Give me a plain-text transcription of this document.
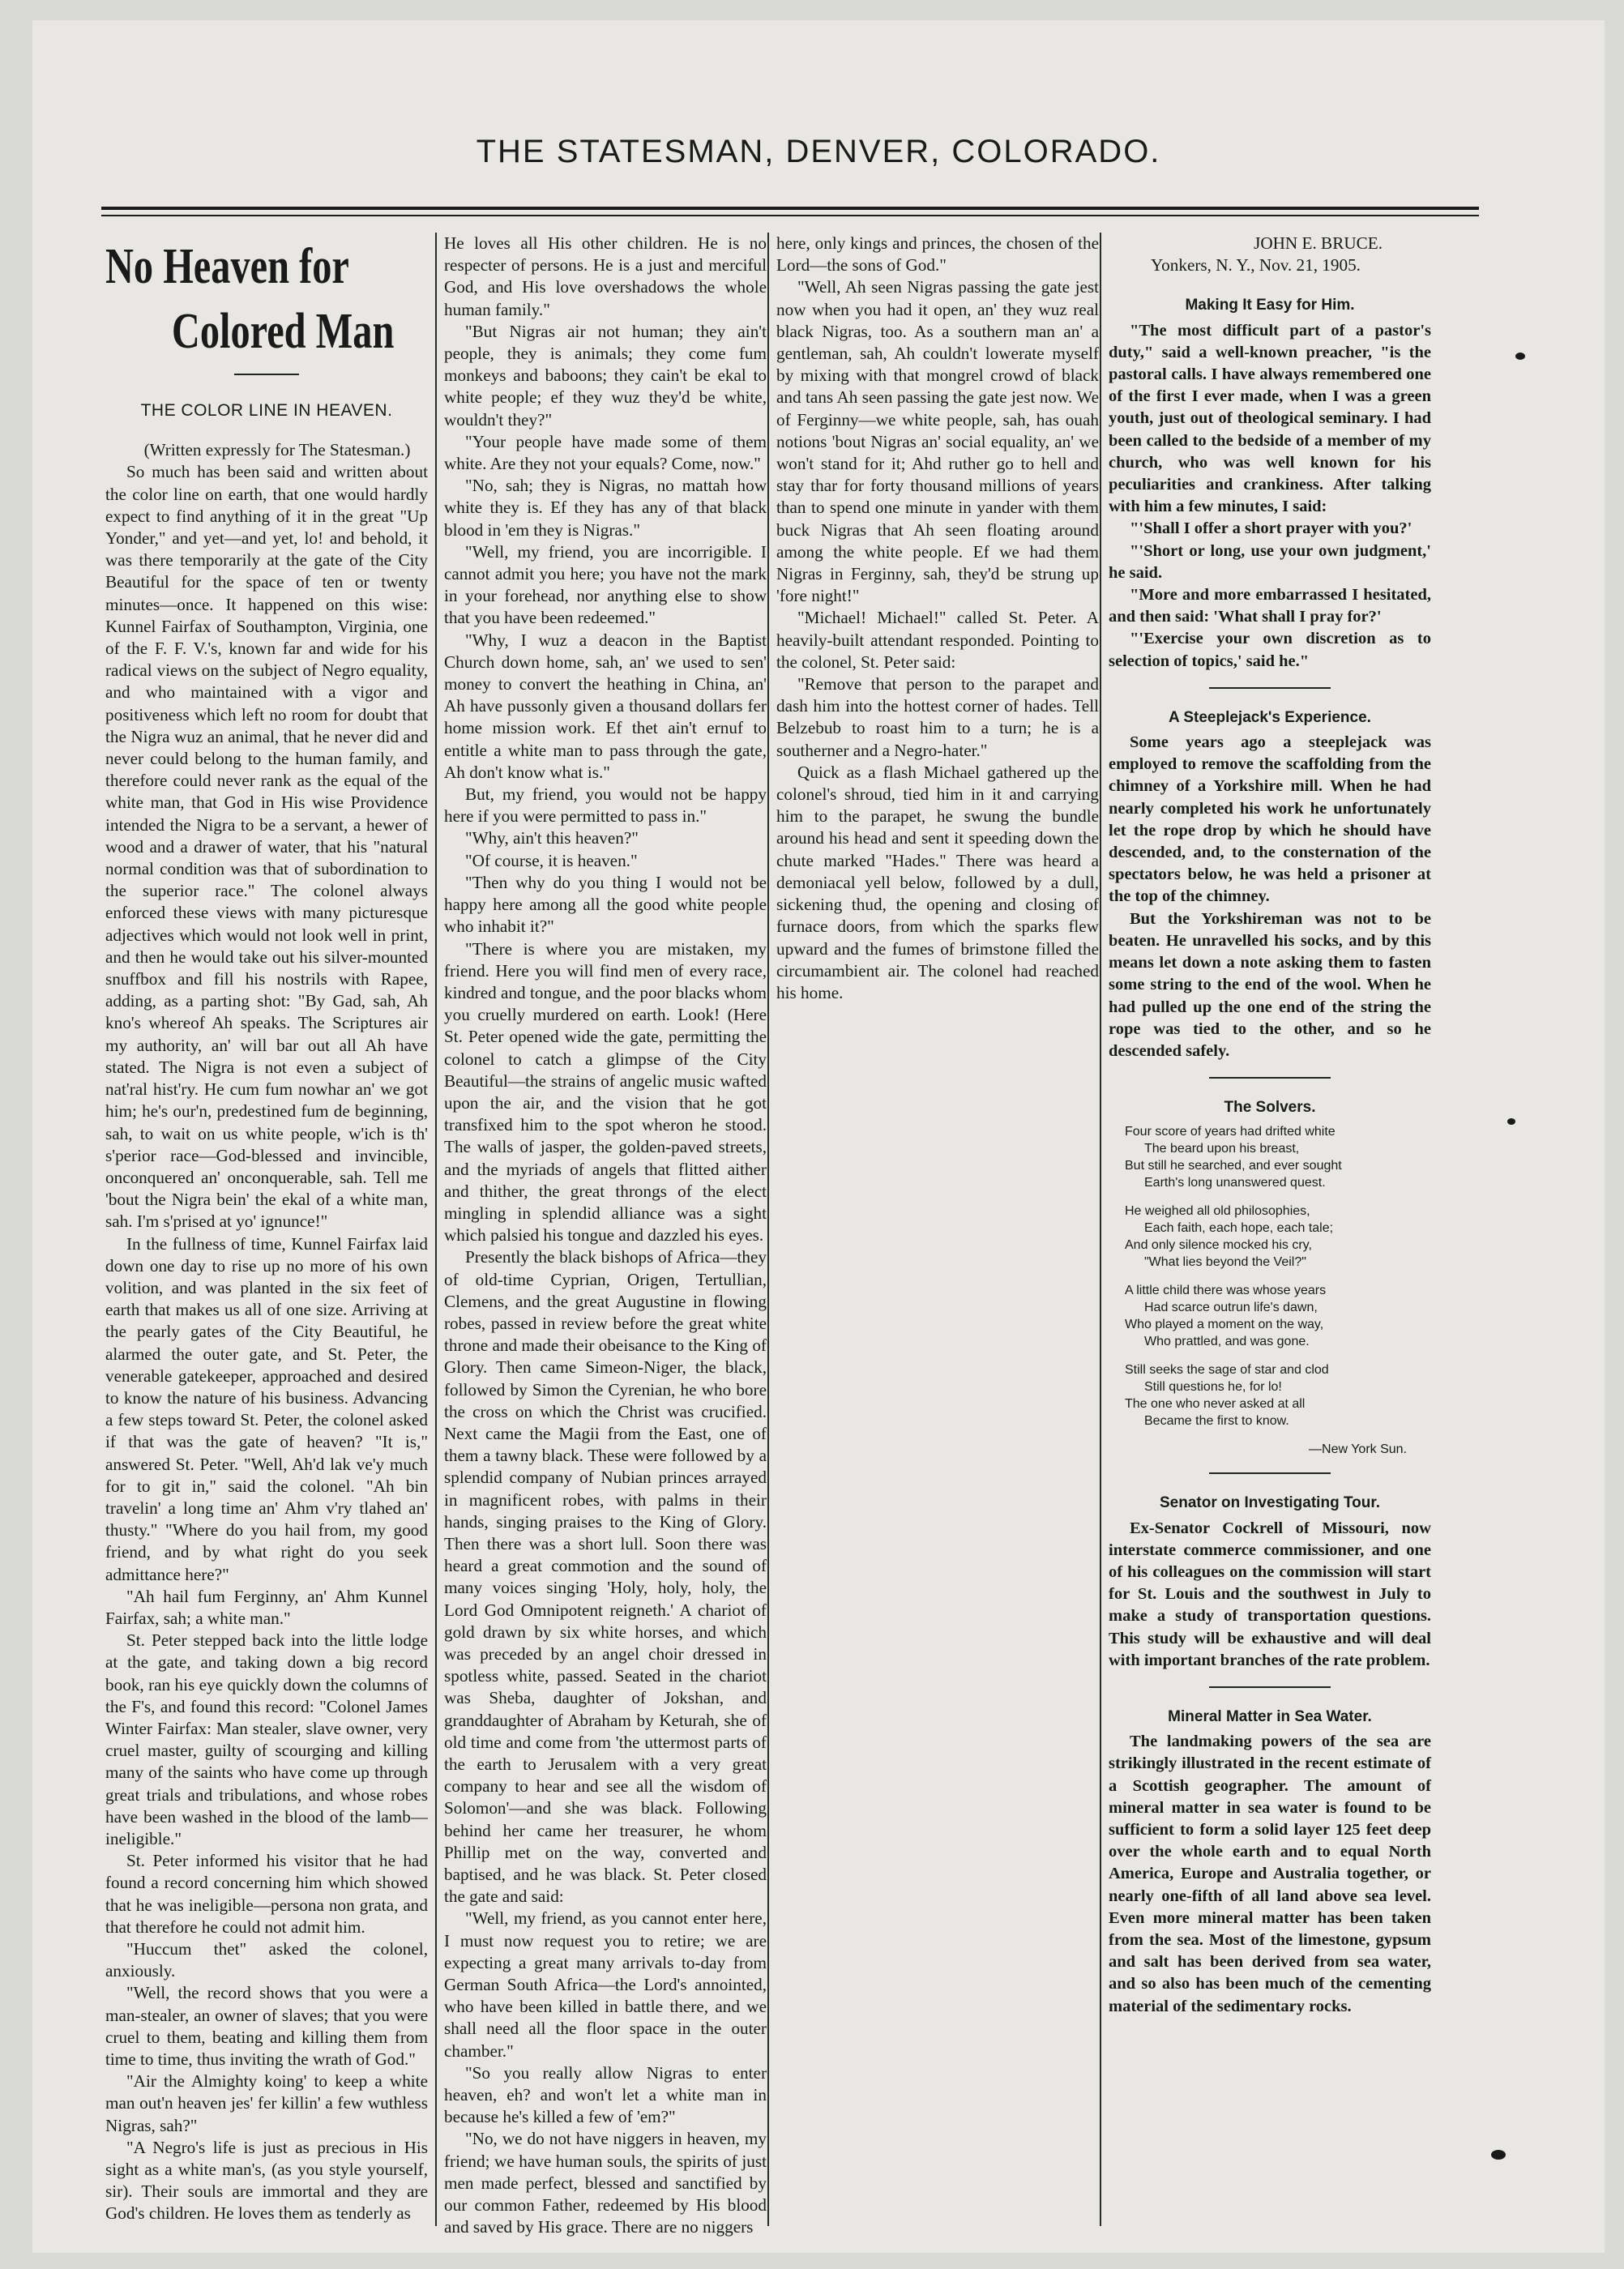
THE STATESMAN, DENVER, COLORADO.
No Heaven for
Colored Man
THE COLOR LINE IN HEAVEN.

(Written expressly for The Statesman.)

So much has been said and written about the color line on earth, that one would hardly expect to find anything of it in the great "Up Yonder," and yet—and yet, lo! and behold, it was there temporarily at the gate of the City Beautiful for the space of ten or twenty minutes—once. It happened on this wise: Kunnel Fairfax of Southampton, Virginia, one of the F. F. V.'s, known far and wide for his radical views on the subject of Negro equality, and who maintained with a vigor and positiveness which left no room for doubt that the Nigra wuz an animal, that he never did and never could belong to the human family, and therefore could never rank as the equal of the white man, that God in His wise Providence intended the Nigra to be a servant, a hewer of wood and a drawer of water, that his "natural normal condition was that of subordination to the superior race." The colonel always enforced these views with many picturesque adjectives which would not look well in print, and then he would take out his silver-mounted snuffbox and fill his nostrils with Rapee, adding, as a parting shot: "By Gad, sah, Ah kno's whereof Ah speaks. The Scriptures air my authority, an' will bar out all Ah have stated. The Nigra is not even a subject of nat'ral hist'ry. He cum fum nowhar an' we got him; he's our'n, predestined fum de beginning, sah, to wait on us white people, w'ich is th' s'perior race—God-blessed and invincible, onconquered an' onconquerable, sah. Tell me 'bout the Nigra bein' the ekal of a white man, sah. I'm s'prised at yo' ignunce!"

In the fullness of time, Kunnel Fairfax laid down one day to rise up no more of his own volition, and was planted in the six feet of earth that makes us all of one size. Arriving at the pearly gates of the City Beautiful, he alarmed the outer gate, and St. Peter, the venerable gatekeeper, approached and desired to know the nature of his business. Advancing a few steps toward St. Peter, the colonel asked if that was the gate of heaven? "It is," answered St. Peter. "Well, Ah'd lak ve'y much for to git in," said the colonel. "Ah bin travelin' a long time an' Ahm v'ry tlahed an' thusty." "Where do you hail from, my good friend, and by what right do you seek admittance here?"

"Ah hail fum Ferginny, an' Ahm Kunnel Fairfax, sah; a white man."

St. Peter stepped back into the little lodge at the gate, and taking down a big record book, ran his eye quickly down the columns of the F's, and found this record: "Colonel James Winter Fairfax: Man stealer, slave owner, very cruel master, guilty of scourging and killing many of the saints who have come up through great trials and tribulations, and whose robes have been washed in the blood of the lamb—ineligible."

St. Peter informed his visitor that he had found a record concerning him which showed that he was ineligible—persona non grata, and that therefore he could not admit him.

"Huccum thet" asked the colonel, anxiously.

"Well, the record shows that you were a man-stealer, an owner of slaves; that you were cruel to them, beating and killing them from time to time, thus inviting the wrath of God."

"Air the Almighty koing' to keep a white man out'n heaven jes' fer killin' a few wuthless Nigras, sah?"

"A Negro's life is just as precious in His sight as a white man's, (as you style yourself, sir). Their souls are immortal and they are God's children. He loves them as tenderly as

He loves all His other children. He is no respecter of persons. He is a just and merciful God, and His love overshadows the whole human family."

"But Nigras air not human; they ain't people, they is animals; they come fum monkeys and baboons; they cain't be ekal to white people; ef they wuz they'd be white, wouldn't they?"

"Your people have made some of them white. Are they not your equals? Come, now."

"No, sah; they is Nigras, no mattah how white they is. Ef they has any of that black blood in 'em they is Nigras."

"Well, my friend, you are incorrigible. I cannot admit you here; you have not the mark in your forehead, nor anything else to show that you have been redeemed."

"Why, I wuz a deacon in the Baptist Church down home, sah, an' we used to sen' money to convert the heathing in China, an' Ah have pussonly given a thousand dollars fer home mission work. Ef thet ain't ernuf to entitle a white man to pass through the gate, Ah don't know what is."

But, my friend, you would not be happy here if you were permitted to pass in."

"Why, ain't this heaven?"

"Of course, it is heaven."

"Then why do you thing I would not be happy here among all the good white people who inhabit it?"

"There is where you are mistaken, my friend. Here you will find men of every race, kindred and tongue, and the poor blacks whom you cruelly murdered on earth. Look! (Here St. Peter opened wide the gate, permitting the colonel to catch a glimpse of the City Beautiful—the strains of angelic music wafted upon the air, and the vision that he got transfixed him to the spot wheron he stood. The walls of jasper, the golden-paved streets, and the myriads of angels that flitted aither and thither, the great throngs of the elect mingling in splendid alliance was a sight which palsied his tongue and dazzled his eyes.

Presently the black bishops of Africa—they of old-time Cyprian, Origen, Tertullian, Clemens, and the great Augustine in flowing robes, passed in review before the great white throne and made their obeisance to the King of Glory. Then came Simeon-Niger, the black, followed by Simon the Cyrenian, he who bore the cross on which the Christ was crucified. Next came the Magii from the East, one of them a tawny black. These were followed by a splendid company of Nubian princes arrayed in magnificent robes, with palms in their hands, singing praises to the King of Glory. Then there was a short lull. Soon there was heard a great commotion and the sound of many voices singing 'Holy, holy, holy, the Lord God Omnipotent reigneth.' A chariot of gold drawn by six white horses, and which was preceded by an angel choir dressed in spotless white, passed. Seated in the chariot was Sheba, daughter of Jokshan, and granddaughter of Abraham by Keturah, she of old time and come from 'the uttermost parts of the earth to Jerusalem with a very great company to hear and see all the wisdom of Solomon'—and she was black. Following behind her came her treasurer, he whom Phillip met on the way, converted and baptised, and he was black. St. Peter closed the gate and said:

"Well, my friend, as you cannot enter here, I must now request you to retire; we are expecting a great many arrivals to-day from German South Africa—the Lord's annointed, who have been killed in battle there, and we shall need all the floor space in the outer chamber."

"So you really allow Nigras to enter heaven, eh? and won't let a white man in because he's killed a few of 'em?"

"No, we do not have niggers in heaven, my friend; we have human souls, the spirits of just men made perfect, blessed and sanctified by our common Father, redeemed by His blood and saved by His grace. There are no niggers

here, only kings and princes, the chosen of the Lord—the sons of God."

"Well, Ah seen Nigras passing the gate jest now when you had it open, an' they wuz real black Nigras, too. As a southern man an' a gentleman, sah, Ah couldn't lowerate myself by mixing with that mongrel crowd of black and tans Ah seen passing the gate jest now. We of Ferginny—we white people, sah, has ouah notions 'bout Nigras an' social equality, an' we won't stand for it; Ahd ruther go to hell and stay thar for forty thousand millions of years than to spend one minute in yander with them buck Nigras that Ah seen floating around among the white people. Ef we had them Nigras in Ferginny, sah, they'd be strung up 'fore night!"

"Michael! Michael!" called St. Peter. A heavily-built attendant responded. Pointing to the colonel, St. Peter said:

"Remove that person to the parapet and dash him into the hottest corner of hades. Tell Belzebub to roast him to a turn; he is a southerner and a Negro-hater."

Quick as a flash Michael gathered up the colonel's shroud, tied him in it and carrying him to the parapet, he swung the bundle around his head and sent it speeding down the chute marked "Hades." There was heard a demoniacal yell below, followed by a dull, sickening thud, the opening and closing of furnace doors, from which the sparks flew upward and the fumes of brimstone filled the circumambient air. The colonel had reached his home.

JOHN E. BRUCE.

Yonkers, N. Y., Nov. 21, 1905.

Making It Easy for Him.

"The most difficult part of a pastor's duty," said a well-known preacher, "is the pastoral calls. I have always remembered one of the first I ever made, when I was a green youth, just out of theological seminary. I had been called to the bedside of a member of my church, who was well known for his peculiarities and crankiness. After talking with him a few minutes, I said:

"'Shall I offer a short prayer with you?'

"'Short or long, use your own judgment,' he said.

"More and more embarrassed I hesitated, and then said: 'What shall I pray for?'

"'Exercise your own discretion as to selection of topics,' said he."

A Steeplejack's Experience.

Some years ago a steeplejack was employed to remove the scaffolding from the chimney of a Yorkshire mill. When he had nearly completed his work he unfortunately let the rope drop by which he should have descended, and, to the consternation of the spectators below, he was held a prisoner at the top of the chimney.

But the Yorkshireman was not to be beaten. He unravelled his socks, and by this means let down a note asking them to fasten some string to the end of the wool. When he had pulled up the one end of the string the rope was tied to the other, and so he descended safely.

The Solvers.
Four score of years had drifted white
The beard upon his breast,
But still he searched, and ever sought
Earth's long unanswered quest.
He weighed all old philosophies,
Each faith, each hope, each tale;
And only silence mocked his cry,
"What lies beyond the Veil?"
A little child there was whose years
Had scarce outrun life's dawn,
Who played a moment on the way,
Who prattled, and was gone.
Still seeks the sage of star and clod
Still questions he, for lo!
The one who never asked at all
Became the first to know.
—New York Sun.
Senator on Investigating Tour.

Ex-Senator Cockrell of Missouri, now interstate commerce commissioner, and one of his colleagues on the commission will start for St. Louis and the southwest in July to make a study of transportation questions. This study will be exhaustive and will deal with important branches of the rate problem.

Mineral Matter in Sea Water.

The landmaking powers of the sea are strikingly illustrated in the recent estimate of a Scottish geographer. The amount of mineral matter in sea water is found to be sufficient to form a solid layer 125 feet deep over the whole earth and to equal North America, Europe and Australia together, or nearly one-fifth of all land above sea level. Even more mineral matter has been taken from the sea. Most of the limestone, gypsum and salt has been derived from sea water, and so also has been much of the cementing material of the sedimentary rocks.
